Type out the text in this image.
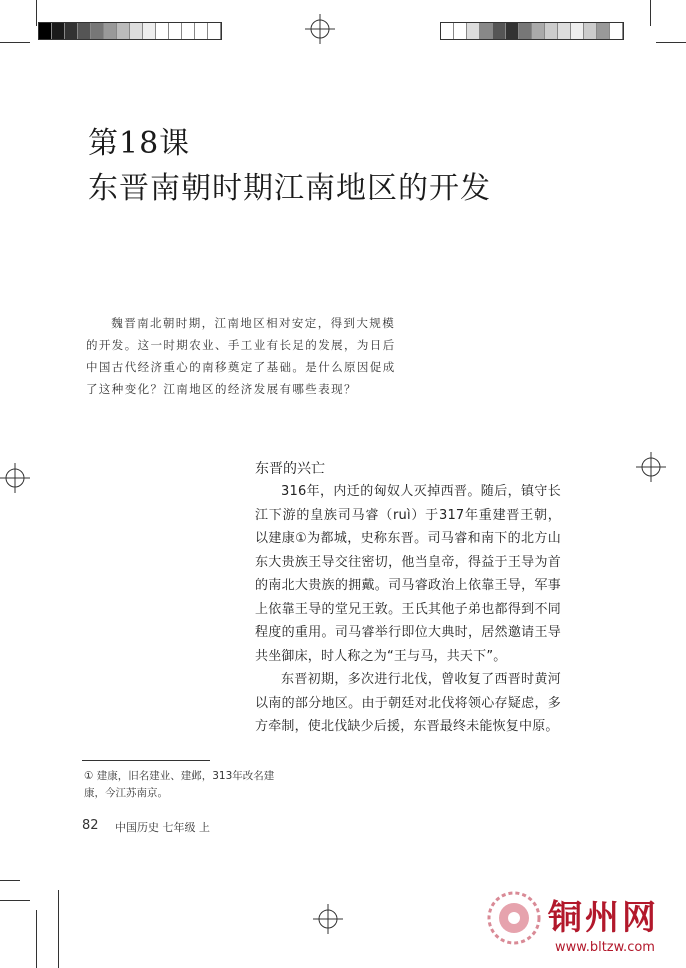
第18课
东晋南朝时期江南地区的开发

魏晋南北朝时期，江南地区相对安定，得到大规模的开发。这一时期农业、手工业有长足的发展，为日后中国古代经济重心的南移奠定了基础。是什么原因促成了这种变化？江南地区的经济发展有哪些表现？

东晋的兴亡

316年，内迁的匈奴人灭掉西晋。随后，镇守长江下游的皇族司马睿（ruì）于317年重建晋王朝，以建康①为都城，史称东晋。司马睿和南下的北方山东大贵族王导交往密切，他当皇帝，得益于王导为首的南北大贵族的拥戴。司马睿政治上依靠王导，军事上依靠王导的堂兄王敦。王氏其他子弟也都得到不同程度的重用。司马睿举行即位大典时，居然邀请王导共坐御床，时人称之为“王与马，共天下”。

东晋初期，多次进行北伐，曾收复了西晋时黄河以南的部分地区。由于朝廷对北伐将领心存疑虑，多方牵制，使北伐缺少后援，东晋最终未能恢复中原。

① 建康，旧名建业、建邺，313年改名建康，今江苏南京。

82 中国历史 七年级 上
铜州网
www.bltzw.com
